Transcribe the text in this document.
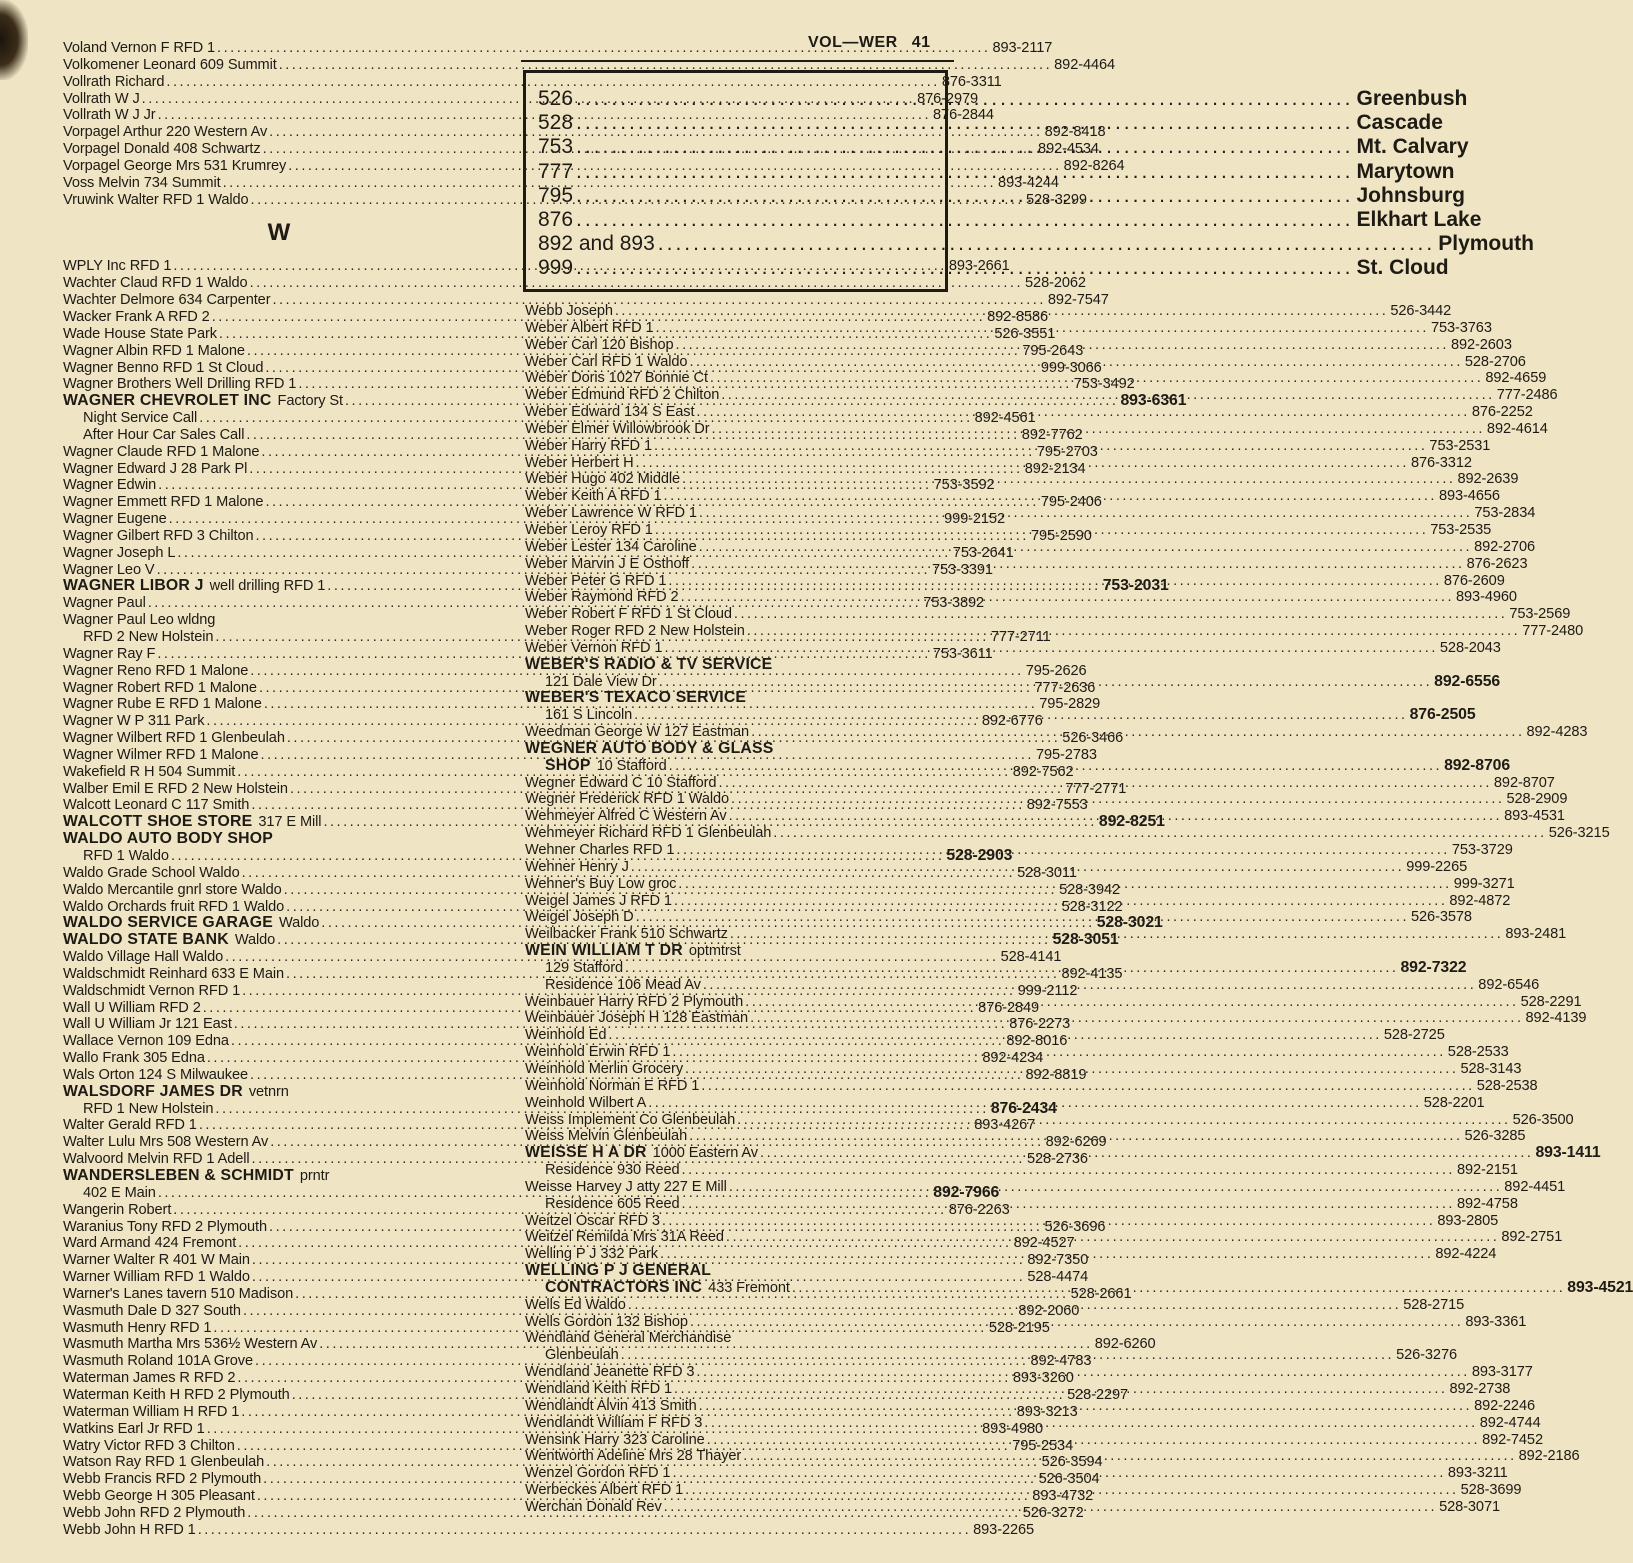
VOL—WER 41
526 .....	Greenbush
528 .....	Cascade
753 .....	Mt. Calvary
777 .....	Marytown
795 .....	Johnsburg
876 .....	Elkhart Lake
892 and 893 .....	Plymouth
999 .....	St. Cloud
Voland Vernon F RFD 1 .....	893-2117
Volkomener Leonard 609 Summit .....	892-4464
Vollrath Richard .....	876-3311
Vollrath W J .....	876-2979
Vollrath W J Jr .....	876-2844
Vorpagel Arthur 220 Western Av .....	892-8418
Vorpagel Donald 408 Schwartz .....	892-4534
Vorpagel George Mrs 531 Krumrey .....	892-8264
Voss Melvin 734 Summit .....	893-4244
Vruwink Walter RFD 1 Waldo .....	528-3299
W
WPLY Inc RFD 1 .....	893-2661
Wachter Claud RFD 1 Waldo .....	528-2062
Wachter Delmore 634 Carpenter .....	892-7547
Wacker Frank A RFD 2 .....	892-8586
Wade House State Park .....	526-3551
Wagner Albin RFD 1 Malone .....	795-2643
Wagner Benno RFD 1 St Cloud .....	999-3066
Wagner Brothers Well Drilling RFD 1 .....	753-3492
WAGNER CHEVROLET INC Factory St .....	893-6361
Night Service Call .....	892-4561
After Hour Car Sales Call .....	892-7762
Wagner Claude RFD 1 Malone .....	795-2703
Wagner Edward J 28 Park Pl .....	892-2134
Wagner Edwin .....	753-3592
Wagner Emmett RFD 1 Malone .....	795-2406
Wagner Eugene .....	999-2152
Wagner Gilbert RFD 3 Chilton .....	795-2590
Wagner Joseph L .....	753-2641
Wagner Leo V .....	753-3391
WAGNER LIBOR J well drilling RFD 1 .....	753-2031
Wagner Paul .....	753-3892
Wagner Paul Leo wldng
RFD 2 New Holstein .....	777-2711
Wagner Ray F .....	753-3611
Wagner Reno RFD 1 Malone .....	795-2626
Wagner Robert RFD 1 Malone .....	777-2636
Wagner Rube E RFD 1 Malone .....	795-2829
Wagner W P 311 Park .....	892-6776
Wagner Wilbert RFD 1 Glenbeulah .....	526-3466
Wagner Wilmer RFD 1 Malone .....	795-2783
Wakefield R H 504 Summit .....	892-7562
Walber Emil E RFD 2 New Holstein .....	777-2771
Walcott Leonard C 117 Smith .....	892-7553
WALCOTT SHOE STORE 317 E Mill .....	892-8251
WALDO AUTO BODY SHOP
RFD 1 Waldo .....	528-2903
Waldo Grade School Waldo .....	528-3011
Waldo Mercantile gnrl store Waldo .....	528-3942
Waldo Orchards fruit RFD 1 Waldo .....	528-3122
WALDO SERVICE GARAGE Waldo .....	528-3021
WALDO STATE BANK Waldo .....	528-3051
Waldo Village Hall Waldo .....	528-4141
Waldschmidt Reinhard 633 E Main .....	892-4135
Waldschmidt Vernon RFD 1 .....	999-2112
Wall U William RFD 2 .....	876-2849
Wall U William Jr 121 East .....	876-2273
Wallace Vernon 109 Edna .....	892-8016
Wallo Frank 305 Edna .....	892-4234
Wals Orton 124 S Milwaukee .....	892-8819
WALSDORF JAMES DR vetnrn
RFD 1 New Holstein .....	876-2434
Walter Gerald RFD 1 .....	893-4267
Walter Lulu Mrs 508 Western Av .....	892-6269
Walvoord Melvin RFD 1 Adell .....	528-2736
WANDERSLEBEN & SCHMIDT prntr
402 E Main .....	892-7966
Wangerin Robert .....	876-2263
Waranius Tony RFD 2 Plymouth .....	526-3696
Ward Armand 424 Fremont .....	892-4527
Warner Walter R 401 W Main .....	892-7350
Warner William RFD 1 Waldo .....	528-4474
Warner's Lanes tavern 510 Madison .....	528-2661
Wasmuth Dale D 327 South .....	892-2060
Wasmuth Henry RFD 1 .....	528-2195
Wasmuth Martha Mrs 536½ Western Av .....	892-6260
Wasmuth Roland 101A Grove .....	892-4783
Waterman James R RFD 2 .....	893-3260
Waterman Keith H RFD 2 Plymouth .....	528-2297
Waterman William H RFD 1 .....	893-3213
Watkins Earl Jr RFD 1 .....	893-4980
Watry Victor RFD 3 Chilton .....	795-2534
Watson Ray RFD 1 Glenbeulah .....	526-3594
Webb Francis RFD 2 Plymouth .....	526-3504
Webb George H 305 Pleasant .....	893-4732
Webb John RFD 2 Plymouth .....	526-3272
Webb John H RFD 1 .....	893-2265
Webb Joseph .....	526-3442
Weber Albert RFD 1 .....	753-3763
Weber Carl 120 Bishop .....	892-2603
Weber Carl RFD 1 Waldo .....	528-2706
Weber Doris 1027 Bonnie Ct .....	892-4659
Weber Edmund RFD 2 Chilton .....	777-2486
Weber Edward 134 S East .....	876-2252
Weber Elmer Willowbrook Dr .....	892-4614
Weber Harry RFD 1 .....	753-2531
Weber Herbert H .....	876-3312
Weber Hugo 402 Middle .....	892-2639
Weber Keith A RFD 1 .....	893-4656
Weber Lawrence W RFD 1 .....	753-2834
Weber Leroy RFD 1 .....	753-2535
Weber Lester 134 Caroline .....	892-2706
Weber Marvin J E Osthoff .....	876-2623
Weber Peter G RFD 1 .....	876-2609
Weber Raymond RFD 2 .....	893-4960
Weber Robert F RFD 1 St Cloud .....	753-2569
Weber Roger RFD 2 New Holstein .....	777-2480
Weber Vernon RFD 1 .....	528-2043
WEBER'S RADIO & TV SERVICE
121 Dale View Dr .....	892-6556
WEBER'S TEXACO SERVICE
161 S Lincoln .....	876-2505
Weedman George W 127 Eastman .....	892-4283
WEGNER AUTO BODY & GLASS
SHOP 10 Stafford .....	892-8706
Wegner Edward C 10 Stafford .....	892-8707
Wegner Frederick RFD 1 Waldo .....	528-2909
Wehmeyer Alfred C Western Av .....	893-4531
Wehmeyer Richard RFD 1 Glenbeulah .....	526-3215
Wehner Charles RFD 1 .....	753-3729
Wehner Henry J .....	999-2265
Wehner's Buy Low groc .....	999-3271
Weigel James J RFD 1 .....	892-4872
Weigel Joseph D .....	526-3578
Weilbacker Frank 510 Schwartz .....	893-2481
WEIN WILLIAM T DR optmtrst
129 Stafford .....	892-7322
Residence 106 Mead Av .....	892-6546
Weinbauer Harry RFD 2 Plymouth .....	528-2291
Weinbauer Joseph H 128 Eastman .....	892-4139
Weinhold Ed .....	528-2725
Weinhold Erwin RFD 1 .....	528-2533
Weinhold Merlin Grocery .....	528-3143
Weinhold Norman E RFD 1 .....	528-2538
Weinhold Wilbert A .....	528-2201
Weiss Implement Co Glenbeulah .....	526-3500
Weiss Melvin Glenbeulah .....	526-3285
WEISSE H A DR 1000 Eastern Av .....	893-1411
Residence 930 Reed .....	892-2151
Weisse Harvey J atty 227 E Mill .....	892-4451
Residence 605 Reed .....	892-4758
Weitzel Oscar RFD 3 .....	893-2805
Weitzel Remilda Mrs 31A Reed .....	892-2751
Welling P J 332 Park .....	892-4224
WELLING P J GENERAL
CONTRACTORS INC 433 Fremont .....	893-4521
Wells Ed Waldo .....	528-2715
Wells Gordon 132 Bishop .....	893-3361
Wendland General Merchandise
Glenbeulah .....	526-3276
Wendland Jeanette RFD 3 .....	893-3177
Wendland Keith RFD 1 .....	892-2738
Wendlandt Alvin 413 Smith .....	892-2246
Wendlandt William F RFD 3 .....	892-4744
Wensink Harry 323 Caroline .....	892-7452
Wentworth Adeline Mrs 28 Thayer .....	892-2186
Wenzel Gordon RFD 1 .....	893-3211
Werbeckes Albert RFD 1 .....	528-3699
Werchan Donald Rev .....	528-3071
